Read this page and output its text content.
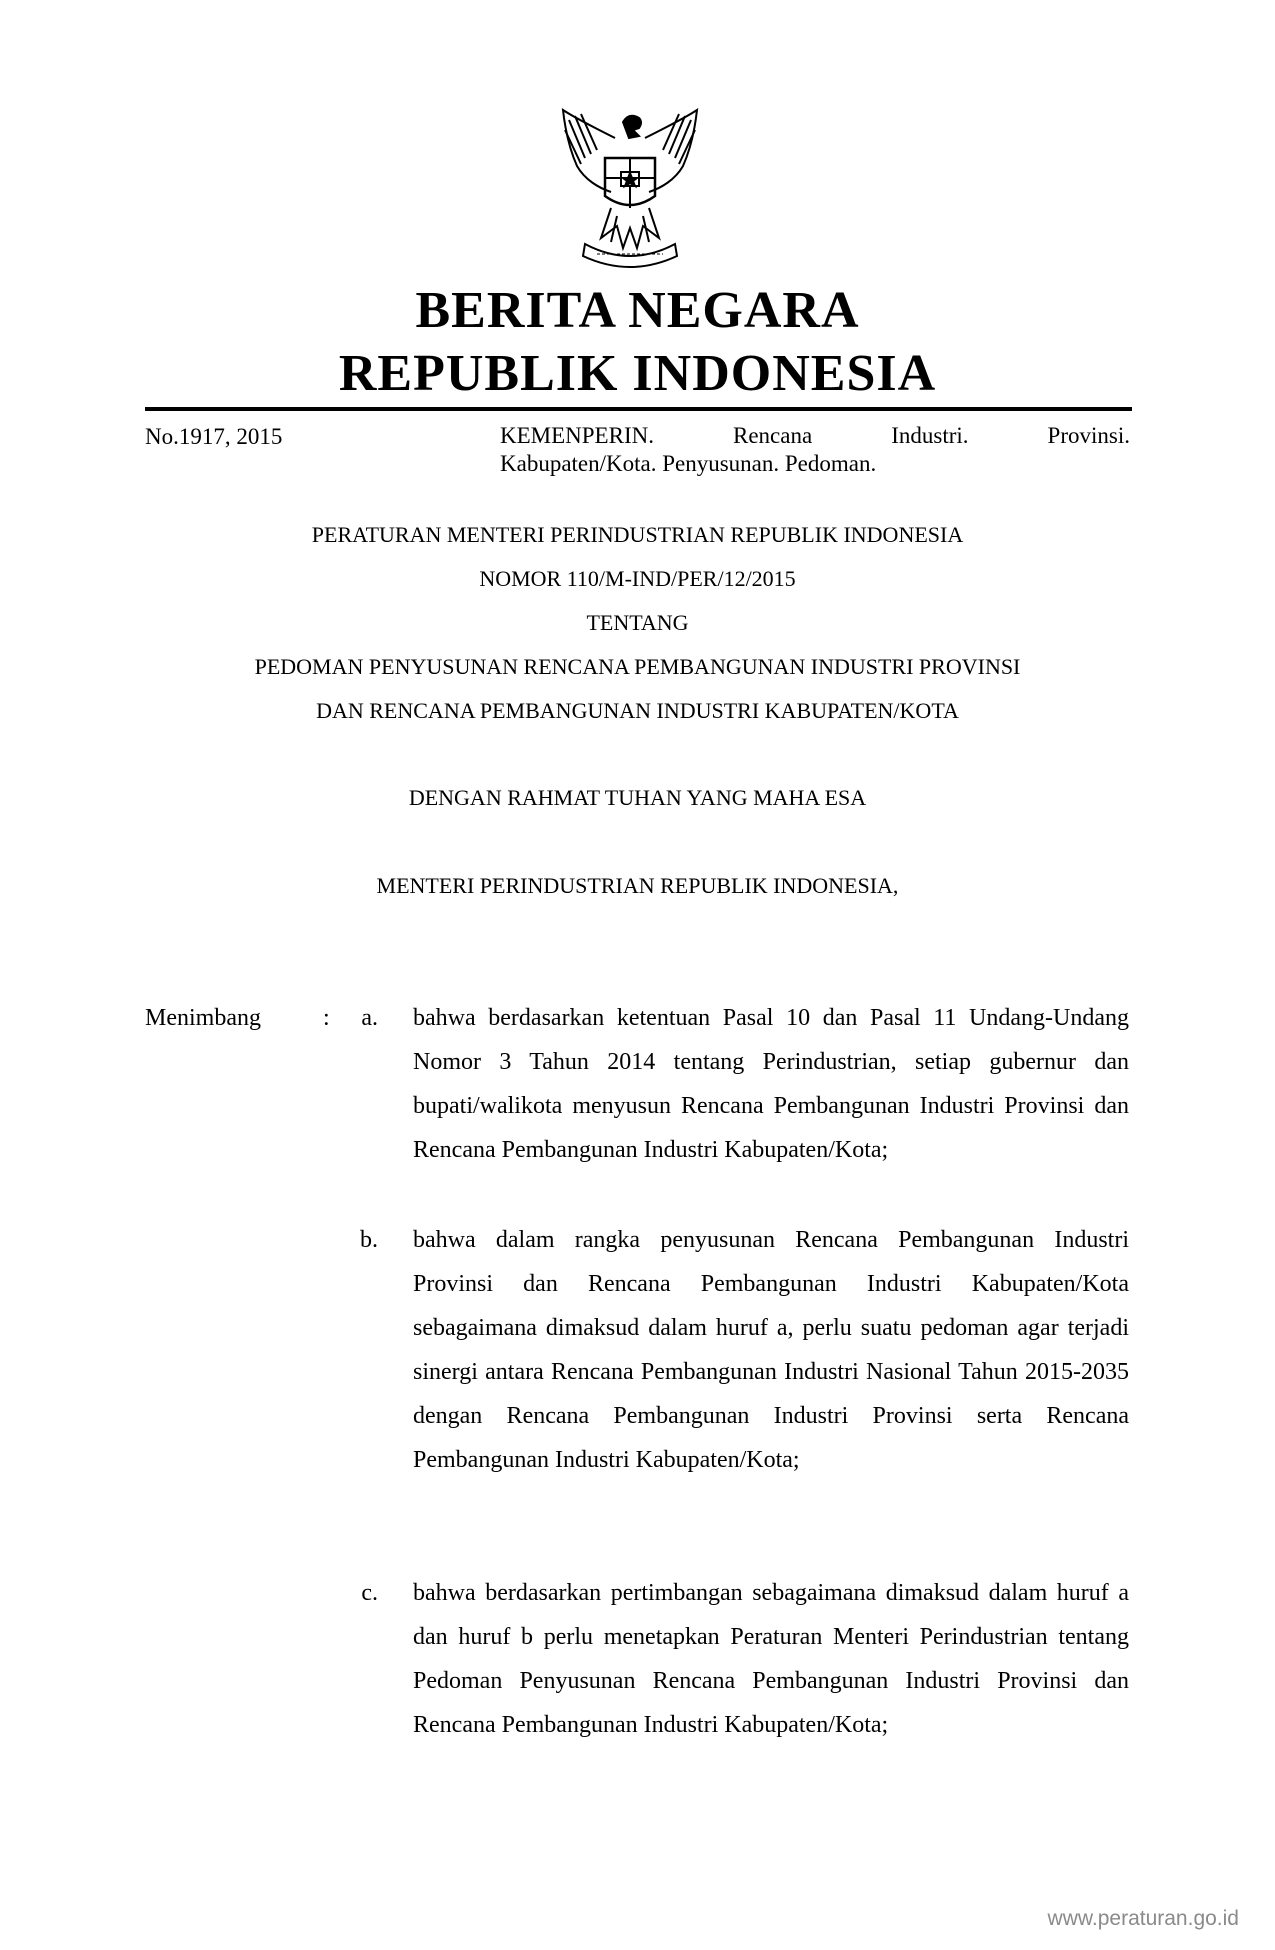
BERITA NEGARA
REPUBLIK INDONESIA
No.1917, 2015	KEMENPERIN. Rencana Industri. Provinsi.
Kabupaten/Kota. Penyusunan. Pedoman.
PERATURAN MENTERI PERINDUSTRIAN REPUBLIK INDONESIA
NOMOR 110/M-IND/PER/12/2015
TENTANG
PEDOMAN PENYUSUNAN RENCANA PEMBANGUNAN INDUSTRI PROVINSI
DAN RENCANA PEMBANGUNAN INDUSTRI KABUPATEN/KOTA
DENGAN RAHMAT TUHAN YANG MAHA ESA
MENTERI PERINDUSTRIAN REPUBLIK INDONESIA,
Menimbang	:	a. bahwa berdasarkan ketentuan Pasal 10 dan Pasal 11 Undang-Undang Nomor 3 Tahun 2014 tentang Perindustrian, setiap gubernur dan bupati/walikota menyusun Rencana Pembangunan Industri Provinsi dan Rencana Pembangunan Industri Kabupaten/Kota;
b. bahwa dalam rangka penyusunan Rencana Pembangunan Industri Provinsi dan Rencana Pembangunan Industri Kabupaten/Kota sebagaimana dimaksud dalam huruf a, perlu suatu pedoman agar terjadi sinergi antara Rencana Pembangunan Industri Nasional Tahun 2015-2035 dengan Rencana Pembangunan Industri Provinsi serta Rencana Pembangunan Industri Kabupaten/Kota;
c. bahwa berdasarkan pertimbangan sebagaimana dimaksud dalam huruf a dan huruf b perlu menetapkan Peraturan Menteri Perindustrian tentang Pedoman Penyusunan Rencana Pembangunan Industri Provinsi dan Rencana Pembangunan Industri Kabupaten/Kota;
www.peraturan.go.id
